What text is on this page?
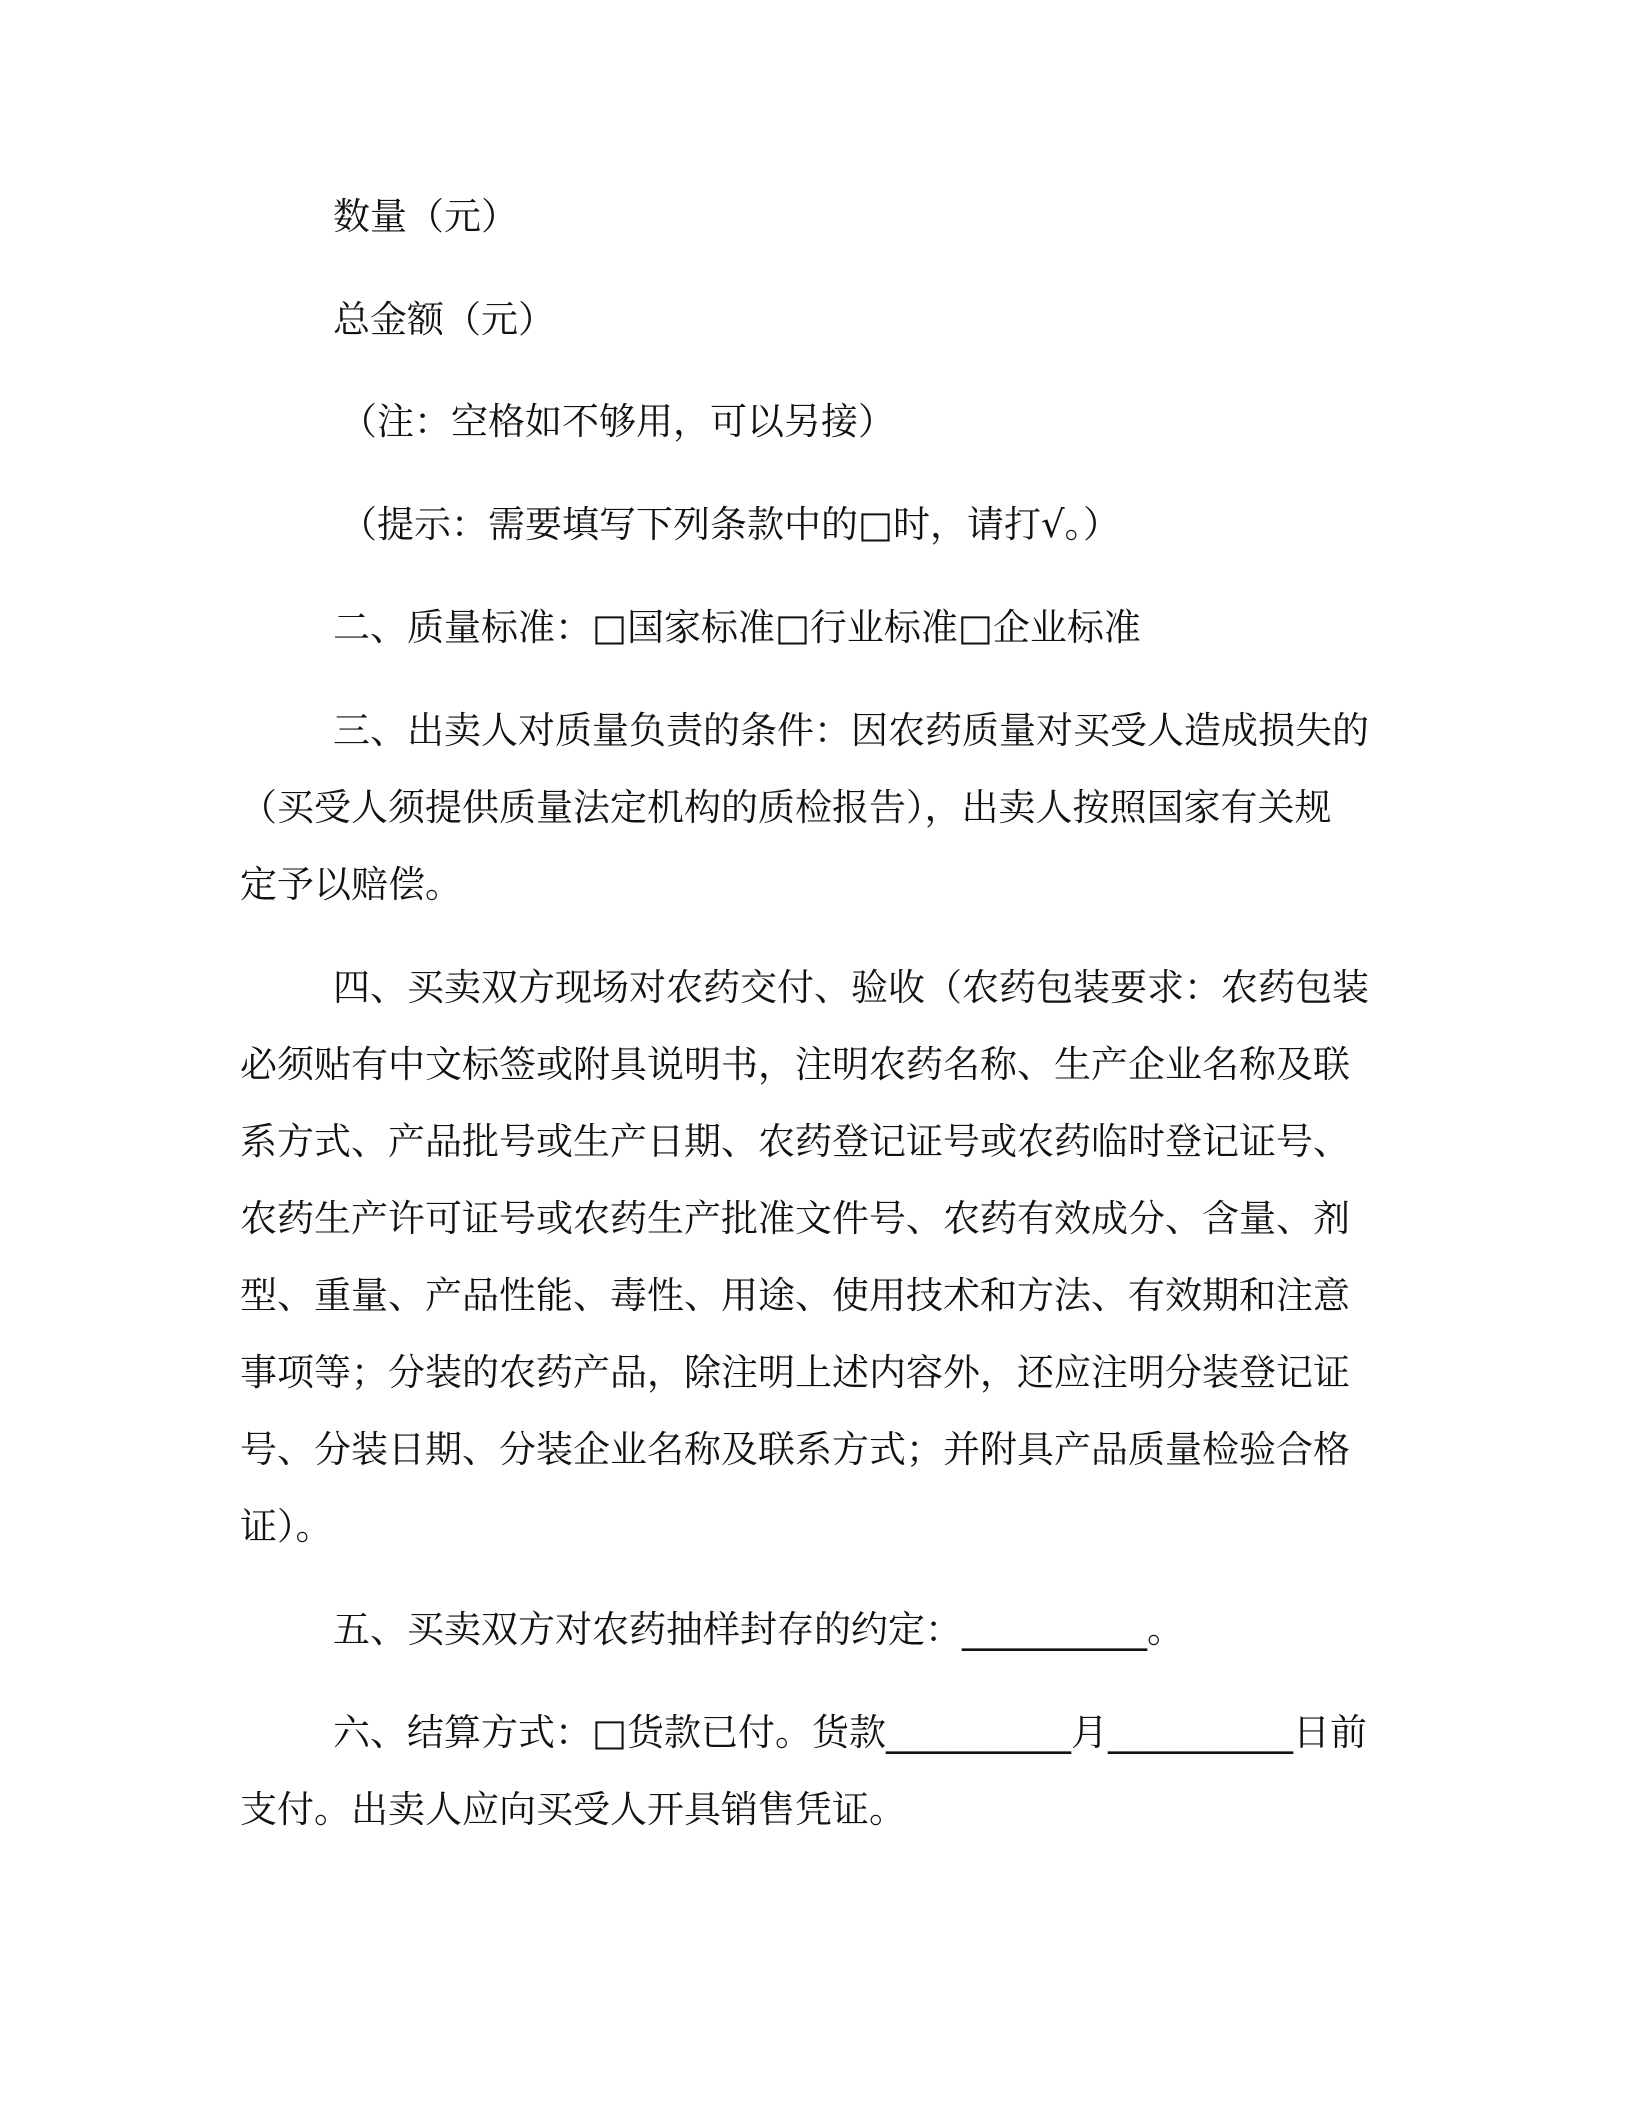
数量（元）
总金额（元）
（注：空格如不够用，可以另接）
（提示：需要填写下列条款中的□时，请打√。）
二、质量标准：□国家标准□行业标准□企业标准
三、出卖人对质量负责的条件：因农药质量对买受人造成损失的
（买受人须提供质量法定机构的质检报告），出卖人按照国家有关规
定予以赔偿。
四、买卖双方现场对农药交付、验收（农药包装要求：农药包装
必须贴有中文标签或附具说明书，注明农药名称、生产企业名称及联
系方式、产品批号或生产日期、农药登记证号或农药临时登记证号、
农药生产许可证号或农药生产批准文件号、农药有效成分、含量、剂
型、重量、产品性能、毒性、用途、使用技术和方法、有效期和注意
事项等；分装的农药产品，除注明上述内容外，还应注明分装登记证
号、分装日期、分装企业名称及联系方式；并附具产品质量检验合格
证）。
五、买卖双方对农药抽样封存的约定：__________。
六、结算方式：□货款已付。货款__________月__________日前
支付。出卖人应向买受人开具销售凭证。
